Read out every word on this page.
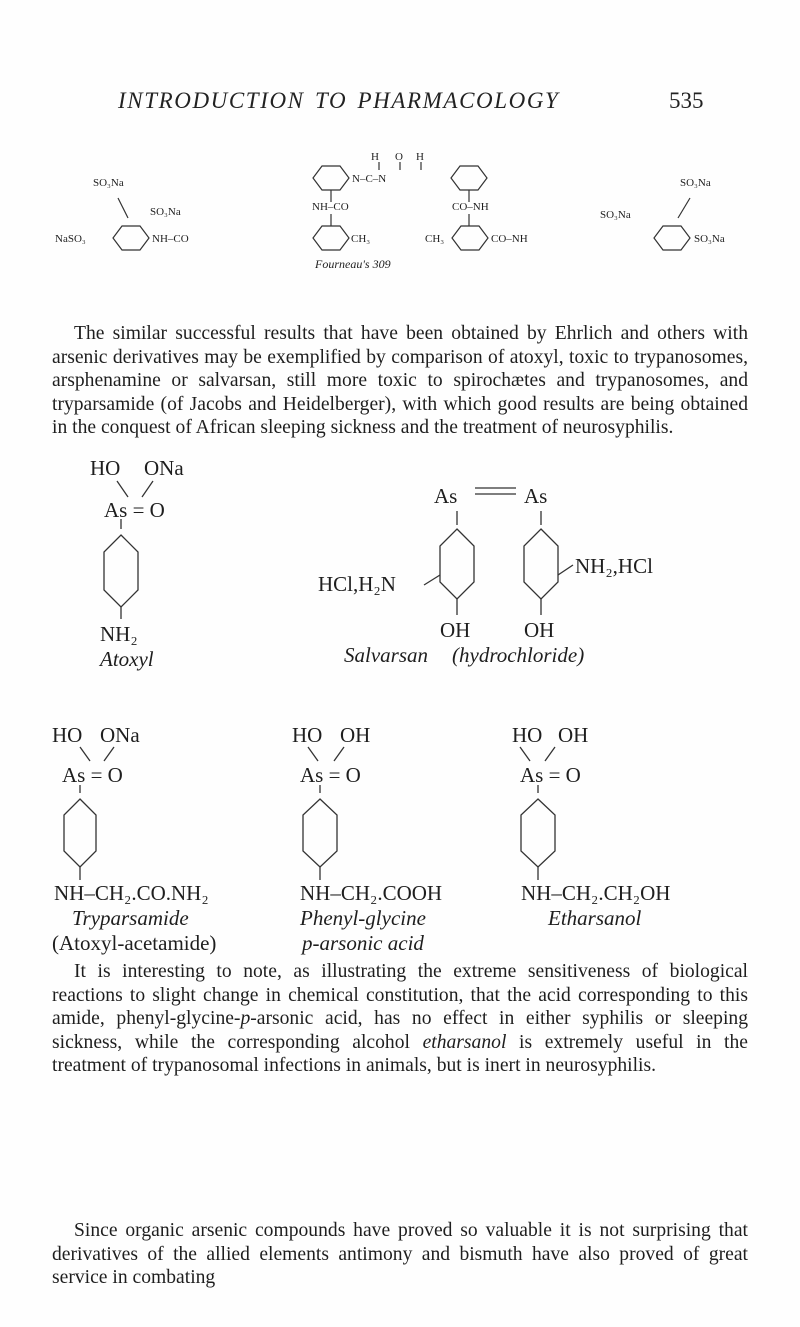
INTRODUCTION TO PHARMACOLOGY	535
H O H
N–C–N
NH–CO	CO–NH
SO₃Na
SO₃Na
NaSO₃	NH–CO	CH₃	CH₃	CO–NH
SO₃Na
SO₃Na
SO₃Na
Fourneau's 309

The similar successful results that have been obtained by Ehrlich and others with arsenic derivatives may be exemplified by comparison of atoxyl, toxic to trypanosomes, arsphenamine or salvarsan, still more toxic to spirochætes and trypanosomes, and tryparsamide (of Jacobs and Heidelberger), with which good results are being obtained in the conquest of African sleeping sickness and the treatment of neurosyphilis.

HO ONa
As = O
NH₂
Atoxyl
As	As
HCl,H₂N
NH₂,HCl
OH	OH
Salvarsan (hydrochloride)
HO ONa
As = O
NH–CH₂.CO.NH₂
Tryparsamide
(Atoxyl-acetamide)
HO OH
As = O
NH–CH₂.COOH
Phenyl-glycine
p-arsonic acid
HO OH
As = O
NH–CH₂.CH₂OH
Etharsanol

It is interesting to note, as illustrating the extreme sensitiveness of biological reactions to slight change in chemical constitution, that the acid corresponding to this amide, phenyl-glycine-p-arsonic acid, has no effect in either syphilis or sleeping sickness, while the corresponding alcohol etharsanol is extremely useful in the treatment of trypanosomal infections in animals, but is inert in neurosyphilis.

Since organic arsenic compounds have proved so valuable it is not surprising that derivatives of the allied elements antimony and bismuth have also proved of great service in combating
